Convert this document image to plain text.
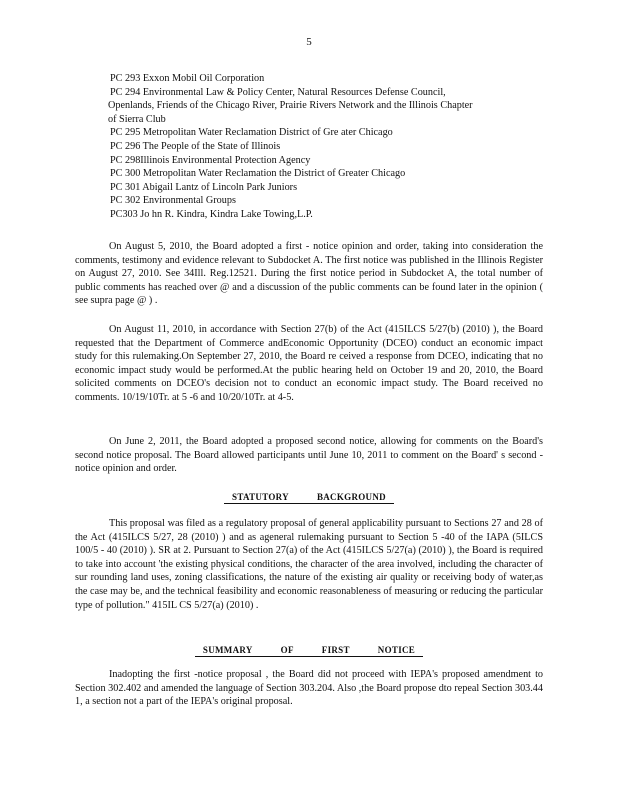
5

PC 293 Exxon Mobil Oil Corporation

PC 294 Environmental Law & Policy Center, Natural Resources Defense Council,

Openlands, Friends of the Chicago River, Prairie Rivers Network and the Illinois Chapter

of Sierra Club

PC 295 Metropolitan Water Reclamation District of Gre ater Chicago

PC 296 The People of the State of Illinois

PC 298Illinois Environmental Protection Agency

PC 300 Metropolitan Water Reclamation the District of Greater Chicago

PC 301 Abigail Lantz of Lincoln Park Juniors

PC 302 Environmental Groups

PC303 Jo hn R. Kindra, Kindra Lake Towing,L.P.

On August 5, 2010, the Board adopted a first - notice opinion and order, taking into consideration the comments, testimony and evidence relevant to Subdocket A. The first notice was published in the Illinois Register on August 27, 2010. See 34Ill. Reg.12521. During the first notice period in Subdocket A, the total number of public comments has reached over @ and a discussion of the public comments can be found later in the opinion ( see supra page @ ) .

On August 11, 2010, in accordance with Section 27(b) of the Act (415ILCS 5/27(b) (2010) ), the Board requested that the Department of Commerce andEconomic Opportunity (DCEO) conduct an economic impact study for this rulemaking.On September 27, 2010, the Board re ceived a response from DCEO, indicating that no economic impact study would be performed.At the public hearing held on October 19 and 20, 2010, the Board solicited comments on DCEO's decision not to conduct an economic impact study. The Board received no comments. 10/19/10Tr. at 5 -6 and 10/20/10Tr. at 4-5.

On June 2, 2011, the Board adopted a proposed second notice, allowing for comments on the Board's second notice proposal. The Board allowed participants until June 10, 2011 to comment on the Board' s second -notice opinion and order.

STATUTORY	BACKGROUND

This proposal was filed as a regulatory proposal of general applicability pursuant to Sections 27 and 28 of the Act (415ILCS 5/27, 28 (2010) ) and as ageneral rulemaking pursuant to Section 5 -40 of the IAPA (5ILCS 100/5 - 40 (2010) ). SR at 2. Pursuant to Section 27(a) of the Act (415ILCS 5/27(a) (2010) ), the Board is required to take into account 'the existing physical conditions, the character of the area involved, including the character of sur rounding land uses, zoning classifications, the nature of the existing air quality or receiving body of water,as the case may be, and the technical feasibility and economic reasonableness of measuring or reducing the particular type of pollution." 415IL CS 5/27(a) (2010) .

SUMMARY	OF	FIRST	NOTICE

Inadopting the first -notice proposal , the Board did not proceed with IEPA's proposed amendment to Section 302.402 and amended the language of Section 303.204. Also ,the Board propose dto repeal Section 303.44 1, a section not a part of the IEPA's original proposal.
